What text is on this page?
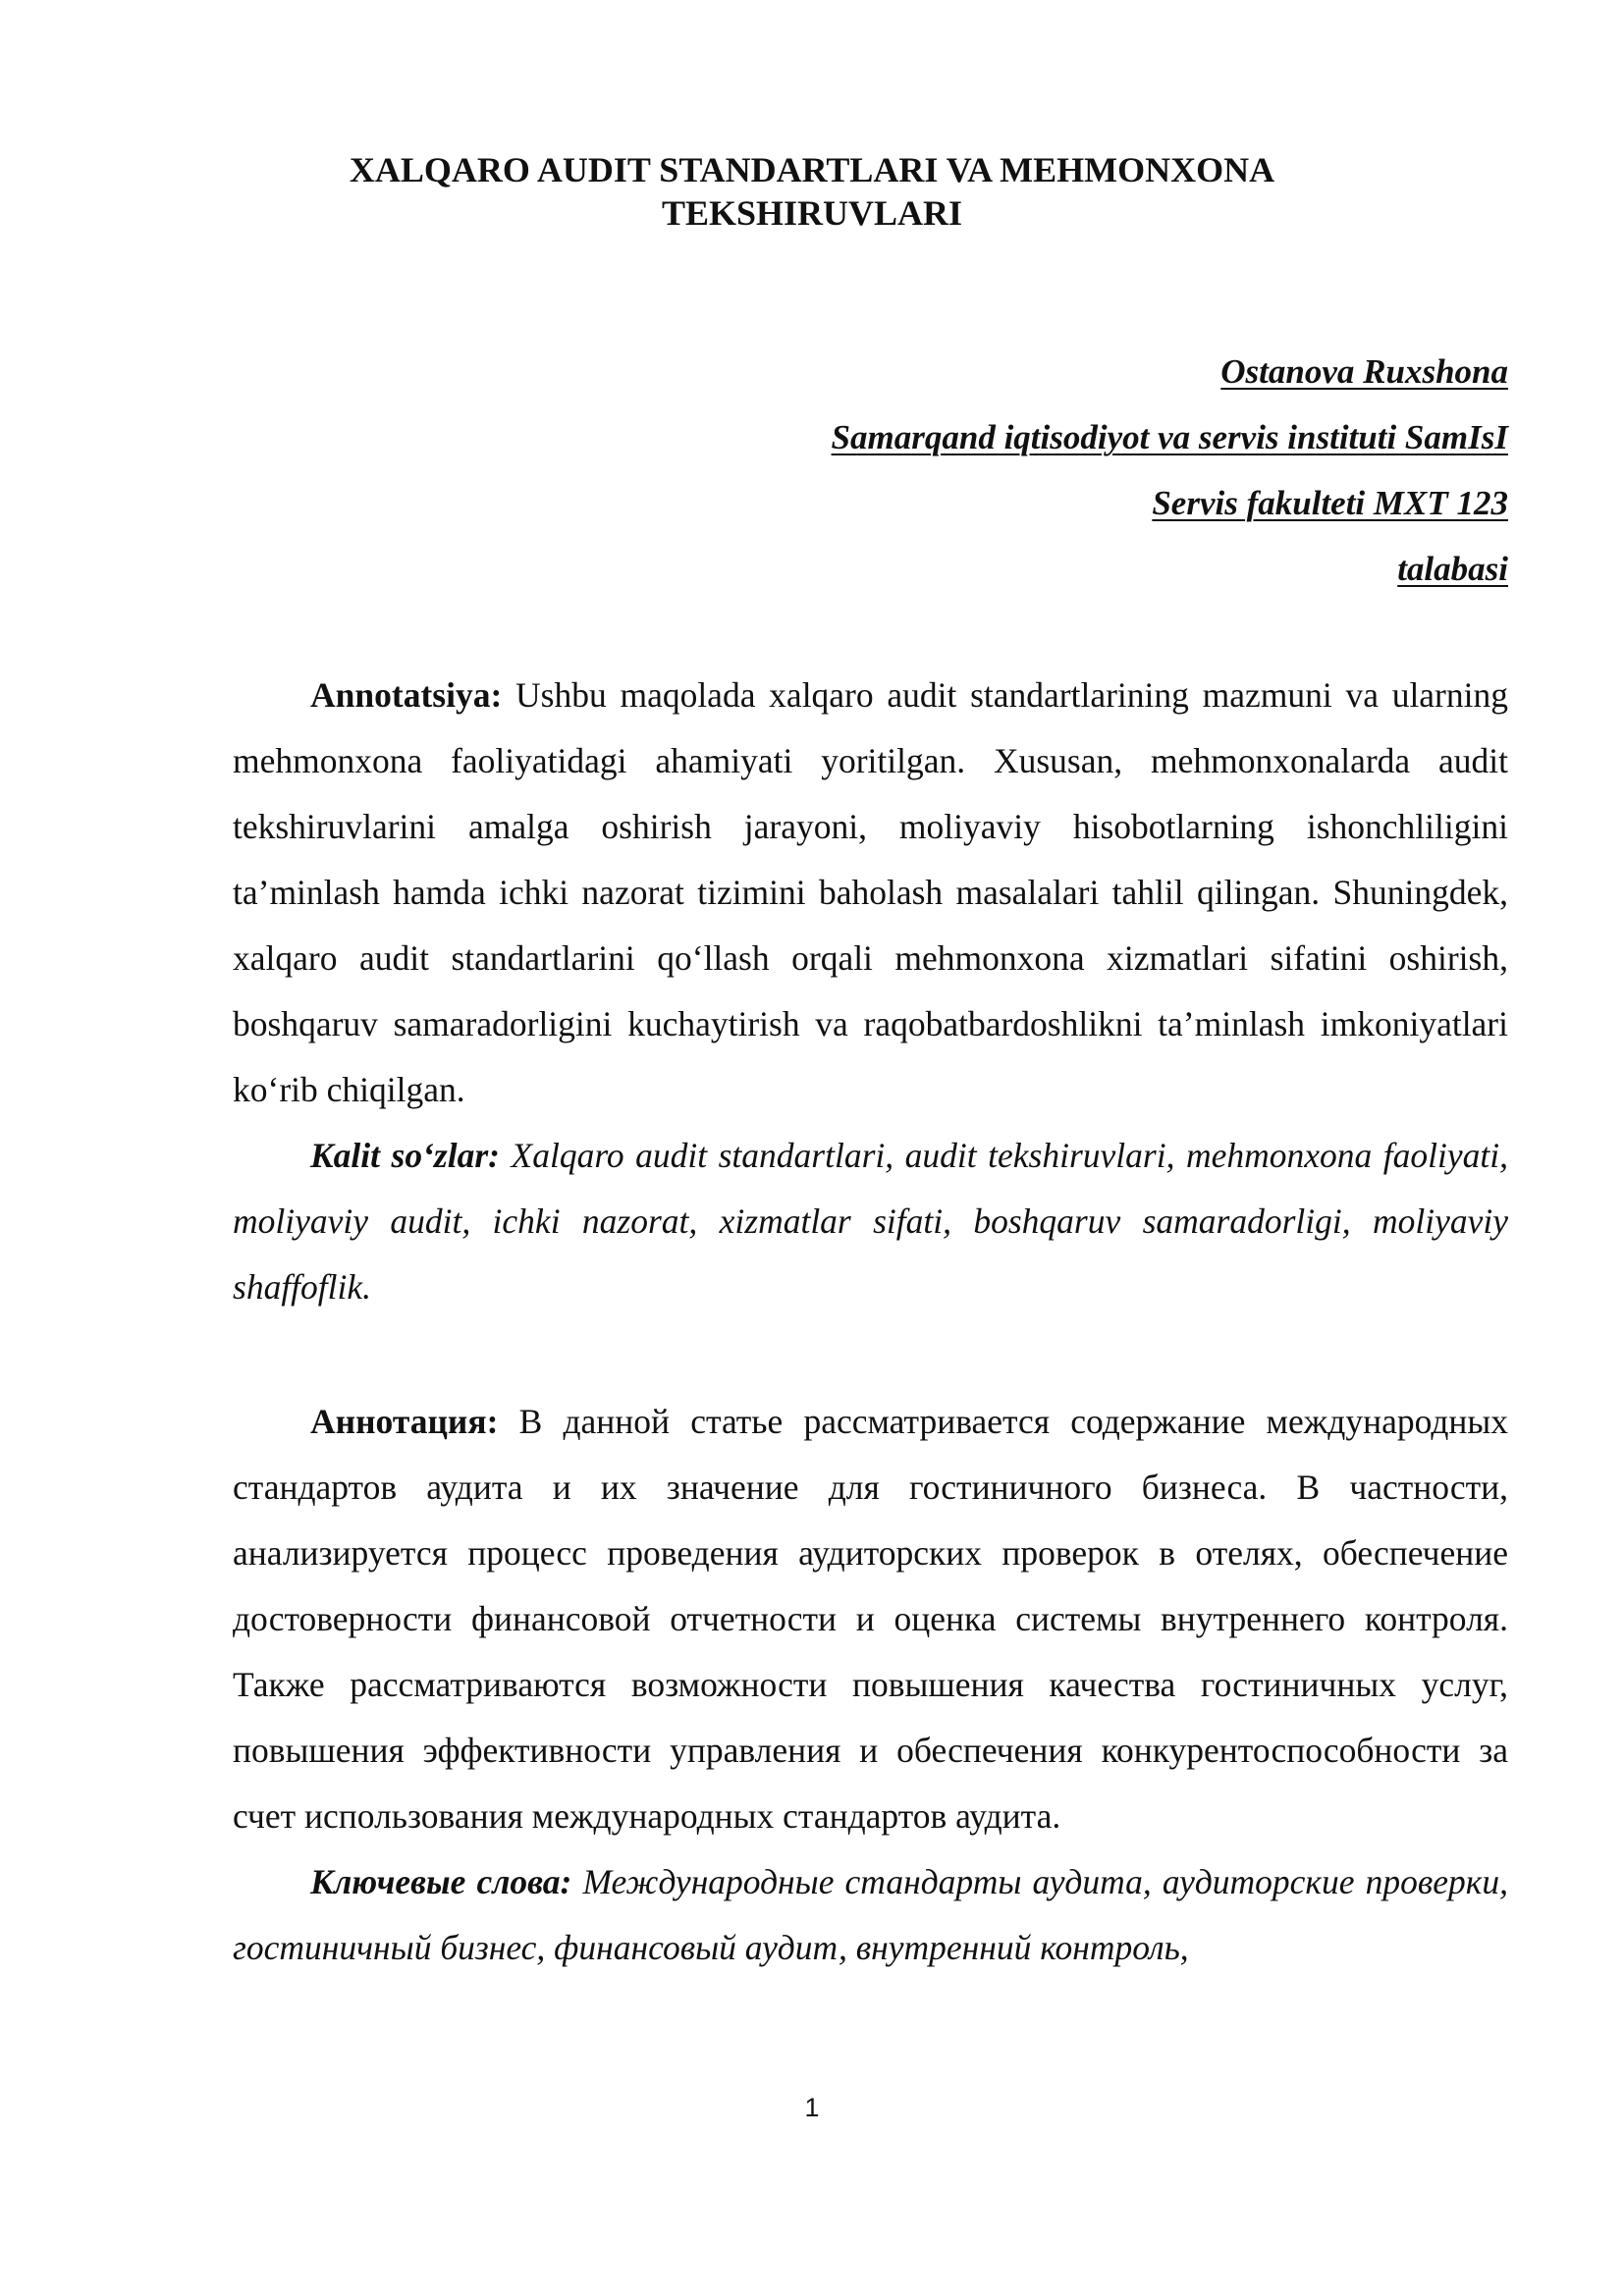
XALQARO AUDIT STANDARTLARI VA MEHMONXONA
TEKSHIRUVLARI
Ostanova Ruxshona
Samarqand iqtisodiyot va servis instituti SamIsI
Servis fakulteti MXT 123
talabasi

Annotatsiya: Ushbu maqolada xalqaro audit standartlarining mazmuni va ularning mehmonxona faoliyatidagi ahamiyati yoritilgan. Xususan, mehmonxonalarda audit tekshiruvlarini amalga oshirish jarayoni, moliyaviy hisobotlarning ishonchliligini ta’minlash hamda ichki nazorat tizimini baholash masalalari tahlil qilingan. Shuningdek, xalqaro audit standartlarini qo‘llash orqali mehmonxona xizmatlari sifatini oshirish, boshqaruv samaradorligini kuchaytirish va raqobatbardoshlikni ta’minlash imkoniyatlari ko‘rib chiqilgan.

Kalit so‘zlar: Xalqaro audit standartlari, audit tekshiruvlari, mehmonxona faoliyati, moliyaviy audit, ichki nazorat, xizmatlar sifati, boshqaruv samaradorligi, moliyaviy shaffoflik.

Аннотация: В данной статье рассматривается содержание международных стандартов аудита и их значение для гостиничного бизнеса. В частности, анализируется процесс проведения аудиторских проверок в отелях, обеспечение достоверности финансовой отчетности и оценка системы внутреннего контроля. Также рассматриваются возможности повышения качества гостиничных услуг, повышения эффективности управления и обеспечения конкурентоспособности за счет использования международных стандартов аудита.

Ключевые слова: Международные стандарты аудита, аудиторские проверки, гостиничный бизнес, финансовый аудит, внутренний контроль,

1
